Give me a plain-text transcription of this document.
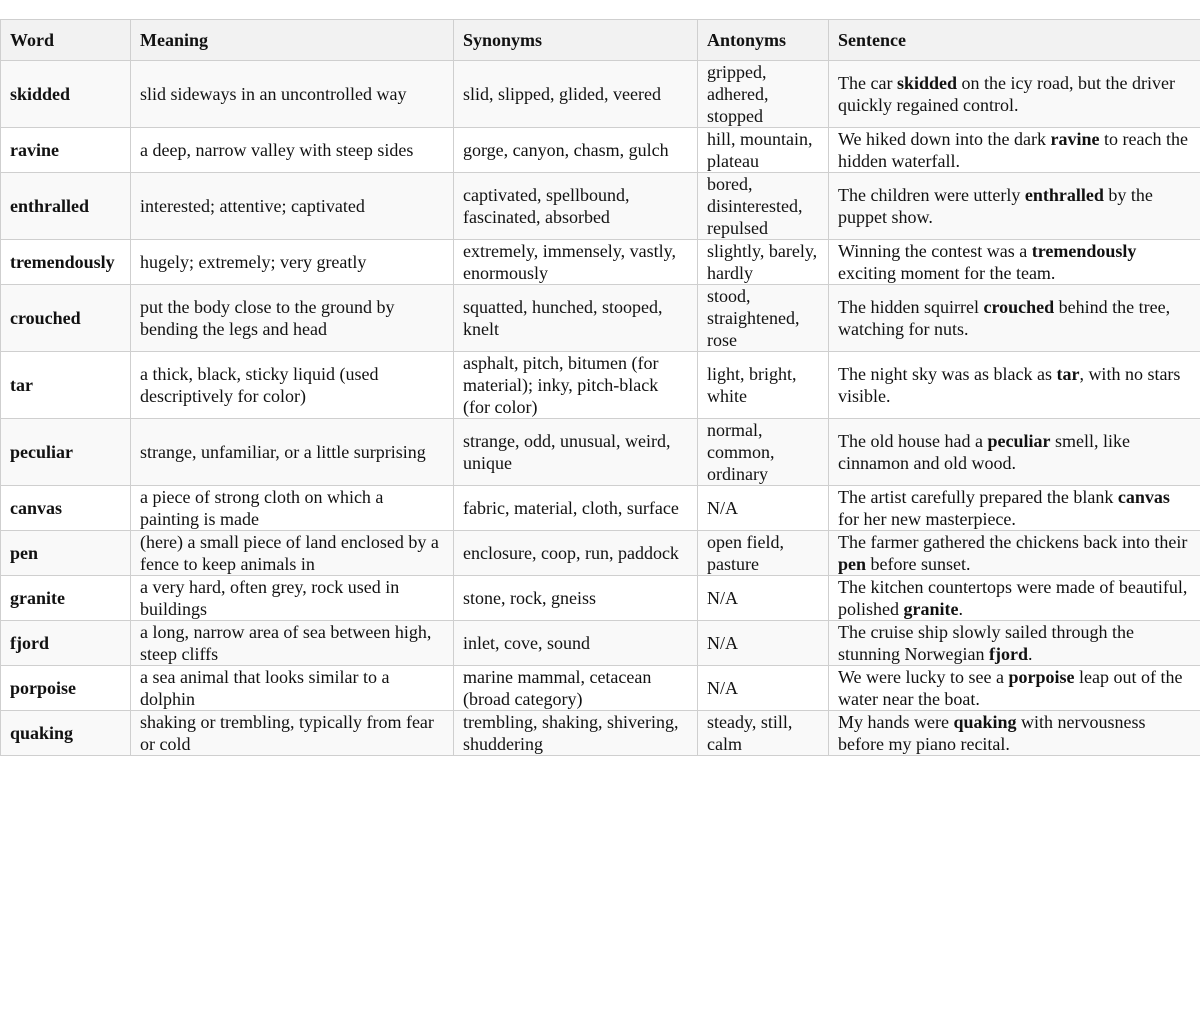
Word	Meaning	Synonyms	Antonyms	Sentence
skidded	slid sideways in an uncontrolled way	slid, slipped, glided, veered	gripped, adhered, stopped	The car skidded on the icy road, but the driver quickly regained control.
ravine	a deep, narrow valley with steep sides	gorge, canyon, chasm, gulch	hill, mountain, plateau	We hiked down into the dark ravine to reach the hidden waterfall.
enthralled	interested; attentive; captivated	captivated, spellbound, fascinated, absorbed	bored, disinterested, repulsed	The children were utterly enthralled by the puppet show.
tremendously	hugely; extremely; very greatly	extremely, immensely, vastly, enormously	slightly, barely, hardly	Winning the contest was a tremendously exciting moment for the team.
crouched	put the body close to the ground by bending the legs and head	squatted, hunched, stooped, knelt	stood, straightened, rose	The hidden squirrel crouched behind the tree, watching for nuts.
tar	a thick, black, sticky liquid (used descriptively for color)	asphalt, pitch, bitumen (for material); inky, pitch-black (for color)	light, bright, white	The night sky was as black as tar, with no stars visible.
peculiar	strange, unfamiliar, or a little surprising	strange, odd, unusual, weird, unique	normal, common, ordinary	The old house had a peculiar smell, like cinnamon and old wood.
canvas	a piece of strong cloth on which a painting is made	fabric, material, cloth, surface	N/A	The artist carefully prepared the blank canvas for her new masterpiece.
pen	(here) a small piece of land enclosed by a fence to keep animals in	enclosure, coop, run, paddock	open field, pasture	The farmer gathered the chickens back into their pen before sunset.
granite	a very hard, often grey, rock used in buildings	stone, rock, gneiss	N/A	The kitchen countertops were made of beautiful, polished granite.
fjord	a long, narrow area of sea between high, steep cliffs	inlet, cove, sound	N/A	The cruise ship slowly sailed through the stunning Norwegian fjord.
porpoise	a sea animal that looks similar to a dolphin	marine mammal, cetacean (broad category)	N/A	We were lucky to see a porpoise leap out of the water near the boat.
quaking	shaking or trembling, typically from fear or cold	trembling, shaking, shivering, shuddering	steady, still, calm	My hands were quaking with nervousness before my piano recital.
